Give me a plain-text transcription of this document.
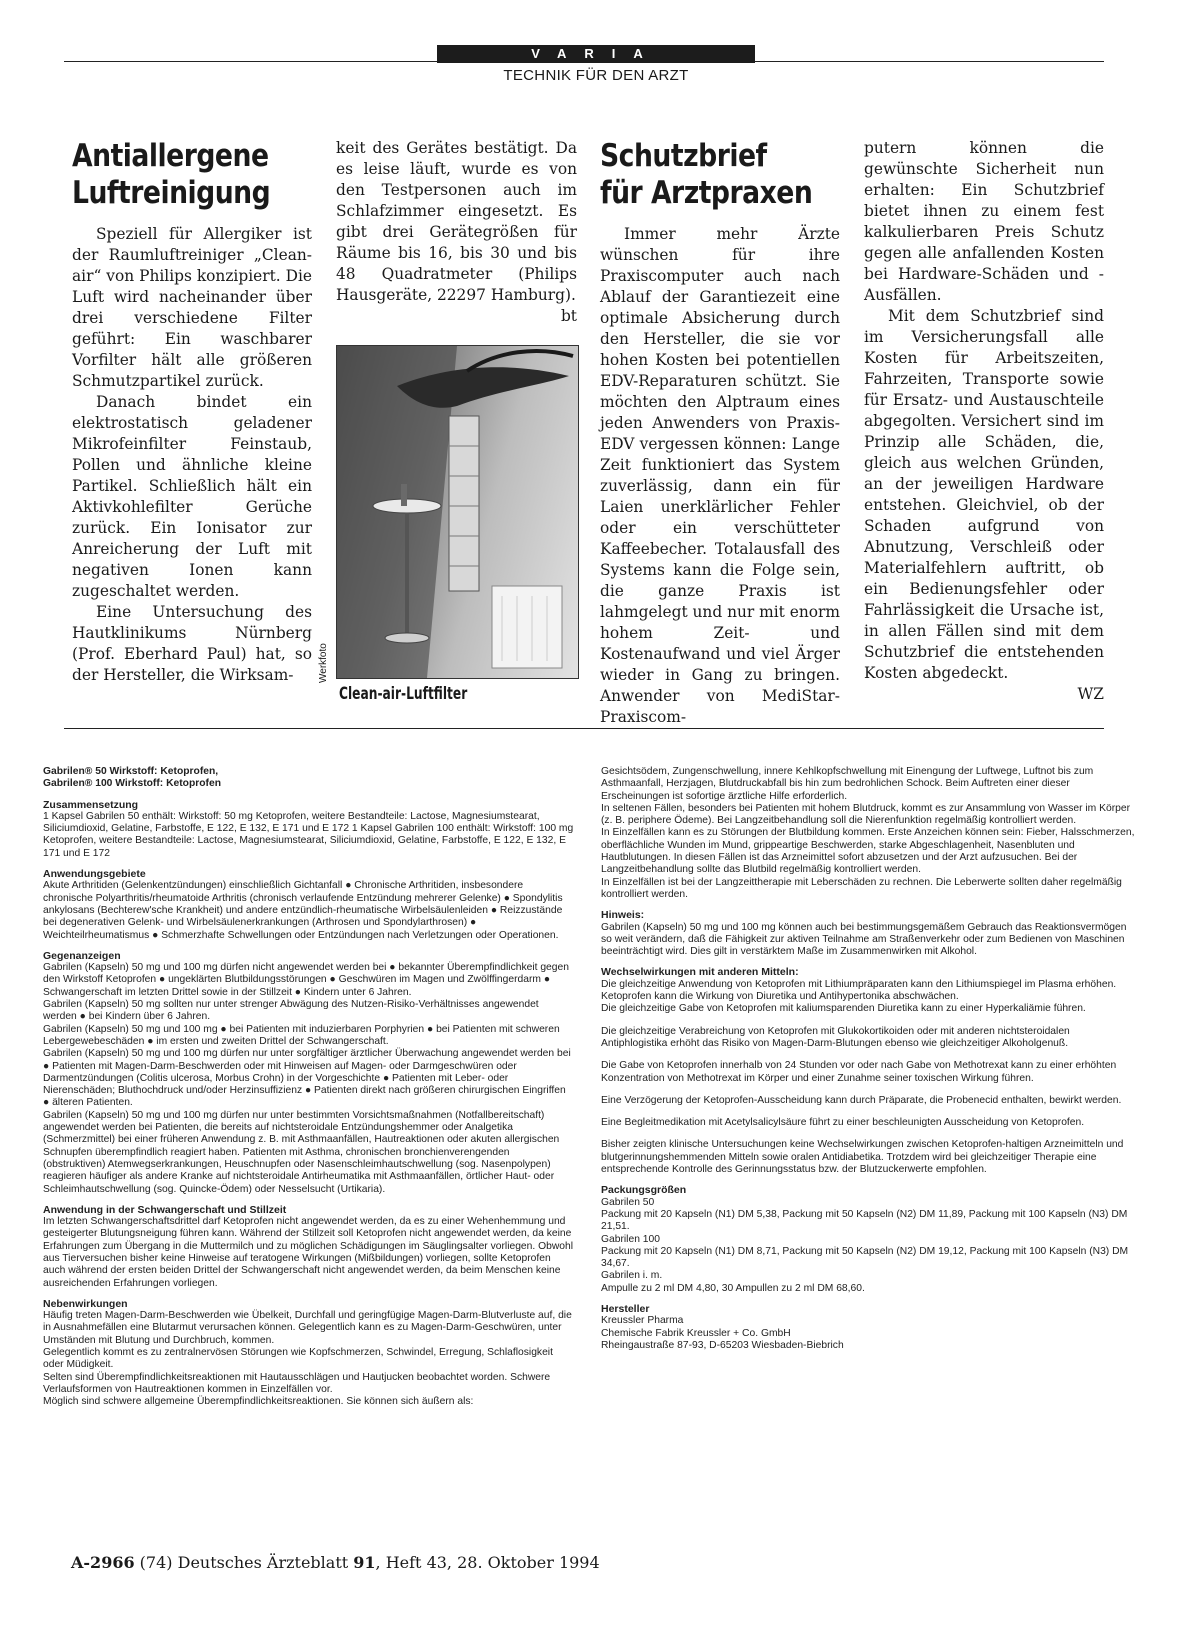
VARIA
TECHNIK FÜR DEN ARZT
Antiallergene
Luftreinigung

Speziell für Allergiker ist der Raumluftreiniger „Clean-air“ von Philips konzipiert. Die Luft wird nacheinander über drei verschiedene Filter geführt: Ein waschbarer Vorfilter hält alle größeren Schmutzpartikel zurück.

Danach bindet ein elektrostatisch geladener Mikrofeinfilter Feinstaub, Pollen und ähnliche kleine Partikel. Schließlich hält ein Aktivkohlefilter Gerüche zurück. Ein Ionisator zur Anreicherung der Luft mit negativen Ionen kann zugeschaltet werden.

Eine Untersuchung des Hautklinikums Nürnberg (Prof. Eberhard Paul) hat, so der Hersteller, die Wirksam-

keit des Gerätes bestätigt. Da es leise läuft, wurde es von den Testpersonen auch im Schlafzimmer eingesetzt. Es gibt drei Gerätegrößen für Räume bis 16, bis 30 und bis 48 Quadratmeter (Philips Hausgeräte, 22297 Hamburg).

bt
Werkfoto
Clean-air-Luftfilter
Schutzbrief
für Arztpraxen

Immer mehr Ärzte wünschen für ihre Praxiscomputer auch nach Ablauf der Garantiezeit eine optimale Absicherung durch den Hersteller, die sie vor hohen Kosten bei potentiellen EDV-Reparaturen schützt. Sie möchten den Alptraum eines jeden Anwenders von Praxis-EDV vergessen können: Lange Zeit funktioniert das System zuverlässig, dann ein für Laien unerklärlicher Fehler oder ein verschütteter Kaffeebecher. Totalausfall des Systems kann die Folge sein, die ganze Praxis ist lahmgelegt und nur mit enorm hohem Zeit- und Kostenaufwand und viel Ärger wieder in Gang zu bringen. Anwender von MediStar-Praxiscom-

putern können die gewünschte Sicherheit nun erhalten: Ein Schutzbrief bietet ihnen zu einem fest kalkulierbaren Preis Schutz gegen alle anfallenden Kosten bei Hardware-Schäden und -Ausfällen.

Mit dem Schutzbrief sind im Versicherungsfall alle Kosten für Arbeitszeiten, Fahrzeiten, Transporte sowie für Ersatz- und Austauschteile abgegolten. Versichert sind im Prinzip alle Schäden, die, gleich aus welchen Gründen, an der jeweiligen Hardware entstehen. Gleichviel, ob der Schaden aufgrund von Abnutzung, Verschleiß oder Materialfehlern auftritt, ob ein Bedienungsfehler oder Fahrlässigkeit die Ursache ist, in allen Fällen sind mit dem Schutzbrief die entstehenden Kosten abgedeckt.

WZ

Gabrilen® 50 Wirkstoff: Ketoprofen,

Gabrilen® 100 Wirkstoff: Ketoprofen

Zusammensetzung

1 Kapsel Gabrilen 50 enthält: Wirkstoff: 50 mg Ketoprofen, weitere Bestandteile: Lactose, Magnesiumstearat, Siliciumdioxid, Gelatine, Farbstoffe, E 122, E 132, E 171 und E 172 1 Kapsel Gabrilen 100 enthält: Wirkstoff: 100 mg Ketoprofen, weitere Bestandteile: Lactose, Magnesiumstearat, Siliciumdioxid, Gelatine, Farbstoffe, E 122, E 132, E 171 und E 172

Anwendungsgebiete

Akute Arthritiden (Gelenkentzündungen) einschließlich Gichtanfall ● Chronische Arthritiden, insbesondere chronische Polyarthritis/rheumatoide Arthritis (chronisch verlaufende Entzündung mehrerer Gelenke) ● Spondylitis ankylosans (Bechterew'sche Krankheit) und andere entzündlich-rheumatische Wirbelsäulenleiden ● Reizzustände bei degenerativen Gelenk- und Wirbelsäulenerkrankungen (Arthrosen und Spondylarthrosen) ● Weichteilrheumatismus ● Schmerzhafte Schwellungen oder Entzündungen nach Verletzungen oder Operationen.

Gegenanzeigen

Gabrilen (Kapseln) 50 mg und 100 mg dürfen nicht angewendet werden bei ● bekannter Überempfindlichkeit gegen den Wirkstoff Ketoprofen ● ungeklärten Blutbildungsstörungen ● Geschwüren im Magen und Zwölffingerdarm ● Schwangerschaft im letzten Drittel sowie in der Stillzeit ● Kindern unter 6 Jahren.

Gabrilen (Kapseln) 50 mg sollten nur unter strenger Abwägung des Nutzen-Risiko-Verhältnisses angewendet werden ● bei Kindern über 6 Jahren.

Gabrilen (Kapseln) 50 mg und 100 mg ● bei Patienten mit induzierbaren Porphyrien ● bei Patienten mit schweren Lebergewebeschäden ● im ersten und zweiten Drittel der Schwangerschaft.

Gabrilen (Kapseln) 50 mg und 100 mg dürfen nur unter sorgfältiger ärztlicher Überwachung angewendet werden bei ● Patienten mit Magen-Darm-Beschwerden oder mit Hinweisen auf Magen- oder Darmgeschwüren oder Darmentzündungen (Colitis ulcerosa, Morbus Crohn) in der Vorgeschichte ● Patienten mit Leber- oder Nierenschäden; Bluthochdruck und/oder Herzinsuffizienz ● Patienten direkt nach größeren chirurgischen Eingriffen ● älteren Patienten.

Gabrilen (Kapseln) 50 mg und 100 mg dürfen nur unter bestimmten Vorsichtsmaßnahmen (Notfallbereitschaft) angewendet werden bei Patienten, die bereits auf nichtsteroidale Entzündungshemmer oder Analgetika (Schmerzmittel) bei einer früheren Anwendung z. B. mit Asthmaanfällen, Hautreaktionen oder akuten allergischen Schnupfen überempfindlich reagiert haben. Patienten mit Asthma, chronischen bronchienverengenden (obstruktiven) Atemwegserkrankungen, Heuschnupfen oder Nasenschleimhautschwellung (sog. Nasenpolypen) reagieren häufiger als andere Kranke auf nichtsteroidale Antirheumatika mit Asthmaanfällen, örtlicher Haut- oder Schleimhautschwellung (sog. Quincke-Ödem) oder Nesselsucht (Urtikaria).

Anwendung in der Schwangerschaft und Stillzeit

Im letzten Schwangerschaftsdrittel darf Ketoprofen nicht angewendet werden, da es zu einer Wehenhemmung und gesteigerter Blutungsneigung führen kann. Während der Stillzeit soll Ketoprofen nicht angewendet werden, da keine Erfahrungen zum Übergang in die Muttermilch und zu möglichen Schädigungen im Säuglingsalter vorliegen. Obwohl aus Tierversuchen bisher keine Hinweise auf teratogene Wirkungen (Mißbildungen) vorliegen, sollte Ketoprofen auch während der ersten beiden Drittel der Schwangerschaft nicht angewendet werden, da beim Menschen keine ausreichenden Erfahrungen vorliegen.

Nebenwirkungen

Häufig treten Magen-Darm-Beschwerden wie Übelkeit, Durchfall und geringfügige Magen-Darm-Blutverluste auf, die in Ausnahmefällen eine Blutarmut verursachen können. Gelegentlich kann es zu Magen-Darm-Geschwüren, unter Umständen mit Blutung und Durchbruch, kommen.

Gelegentlich kommt es zu zentralnervösen Störungen wie Kopfschmerzen, Schwindel, Erregung, Schlaflosigkeit oder Müdigkeit.

Selten sind Überempfindlichkeitsreaktionen mit Hautausschlägen und Hautjucken beobachtet worden. Schwere Verlaufsformen von Hautreaktionen kommen in Einzelfällen vor.

Möglich sind schwere allgemeine Überempfindlichkeitsreaktionen. Sie können sich äußern als:

Gesichtsödem, Zungenschwellung, innere Kehlkopfschwellung mit Einengung der Luftwege, Luftnot bis zum Asthmaanfall, Herzjagen, Blutdruckabfall bis hin zum bedrohlichen Schock. Beim Auftreten einer dieser Erscheinungen ist sofortige ärztliche Hilfe erforderlich.

In seltenen Fällen, besonders bei Patienten mit hohem Blutdruck, kommt es zur Ansammlung von Wasser im Körper (z. B. periphere Ödeme). Bei Langzeitbehandlung soll die Nierenfunktion regelmäßig kontrolliert werden.

In Einzelfällen kann es zu Störungen der Blutbildung kommen. Erste Anzeichen können sein: Fieber, Halsschmerzen, oberflächliche Wunden im Mund, grippeartige Beschwerden, starke Abgeschlagenheit, Nasenbluten und Hautblutungen. In diesen Fällen ist das Arzneimittel sofort abzusetzen und der Arzt aufzusuchen. Bei der Langzeitbehandlung sollte das Blutbild regelmäßig kontrolliert werden.

In Einzelfällen ist bei der Langzeittherapie mit Leberschäden zu rechnen. Die Leberwerte sollten daher regelmäßig kontrolliert werden.

Hinweis:

Gabrilen (Kapseln) 50 mg und 100 mg können auch bei bestimmungsgemäßem Gebrauch das Reaktionsvermögen so weit verändern, daß die Fähigkeit zur aktiven Teilnahme am Straßenverkehr oder zum Bedienen von Maschinen beeinträchtigt wird. Dies gilt in verstärktem Maße im Zusammenwirken mit Alkohol.

Wechselwirkungen mit anderen Mitteln:

Die gleichzeitige Anwendung von Ketoprofen mit Lithiumpräparaten kann den Lithiumspiegel im Plasma erhöhen.

Ketoprofen kann die Wirkung von Diuretika und Antihypertonika abschwächen.

Die gleichzeitige Gabe von Ketoprofen mit kaliumsparenden Diuretika kann zu einer Hyperkaliämie führen.

Die gleichzeitige Verabreichung von Ketoprofen mit Glukokortikoiden oder mit anderen nichtsteroidalen Antiphlogistika erhöht das Risiko von Magen-Darm-Blutungen ebenso wie gleichzeitiger Alkoholgenuß.

Die Gabe von Ketoprofen innerhalb von 24 Stunden vor oder nach Gabe von Methotrexat kann zu einer erhöhten Konzentration von Methotrexat im Körper und einer Zunahme seiner toxischen Wirkung führen.

Eine Verzögerung der Ketoprofen-Ausscheidung kann durch Präparate, die Probenecid enthalten, bewirkt werden.

Eine Begleitmedikation mit Acetylsalicylsäure führt zu einer beschleunigten Ausscheidung von Ketoprofen.

Bisher zeigten klinische Untersuchungen keine Wechselwirkungen zwischen Ketoprofen-haltigen Arzneimitteln und blutgerinnungshemmenden Mitteln sowie oralen Antidiabetika. Trotzdem wird bei gleichzeitiger Therapie eine entsprechende Kontrolle des Gerinnungsstatus bzw. der Blutzuckerwerte empfohlen.

Packungsgrößen

Gabrilen 50

Packung mit 20 Kapseln (N1) DM 5,38, Packung mit 50 Kapseln (N2) DM 11,89, Packung mit 100 Kapseln (N3) DM 21,51.

Gabrilen 100

Packung mit 20 Kapseln (N1) DM 8,71, Packung mit 50 Kapseln (N2) DM 19,12, Packung mit 100 Kapseln (N3) DM 34,67.

Gabrilen i. m.

Ampulle zu 2 ml DM 4,80, 30 Ampullen zu 2 ml DM 68,60.

Hersteller

Kreussler Pharma

Chemische Fabrik Kreussler + Co. GmbH

Rheingaustraße 87-93, D-65203 Wiesbaden-Biebrich

A-2966 (74) Deutsches Ärzteblatt 91, Heft 43, 28. Oktober 1994
